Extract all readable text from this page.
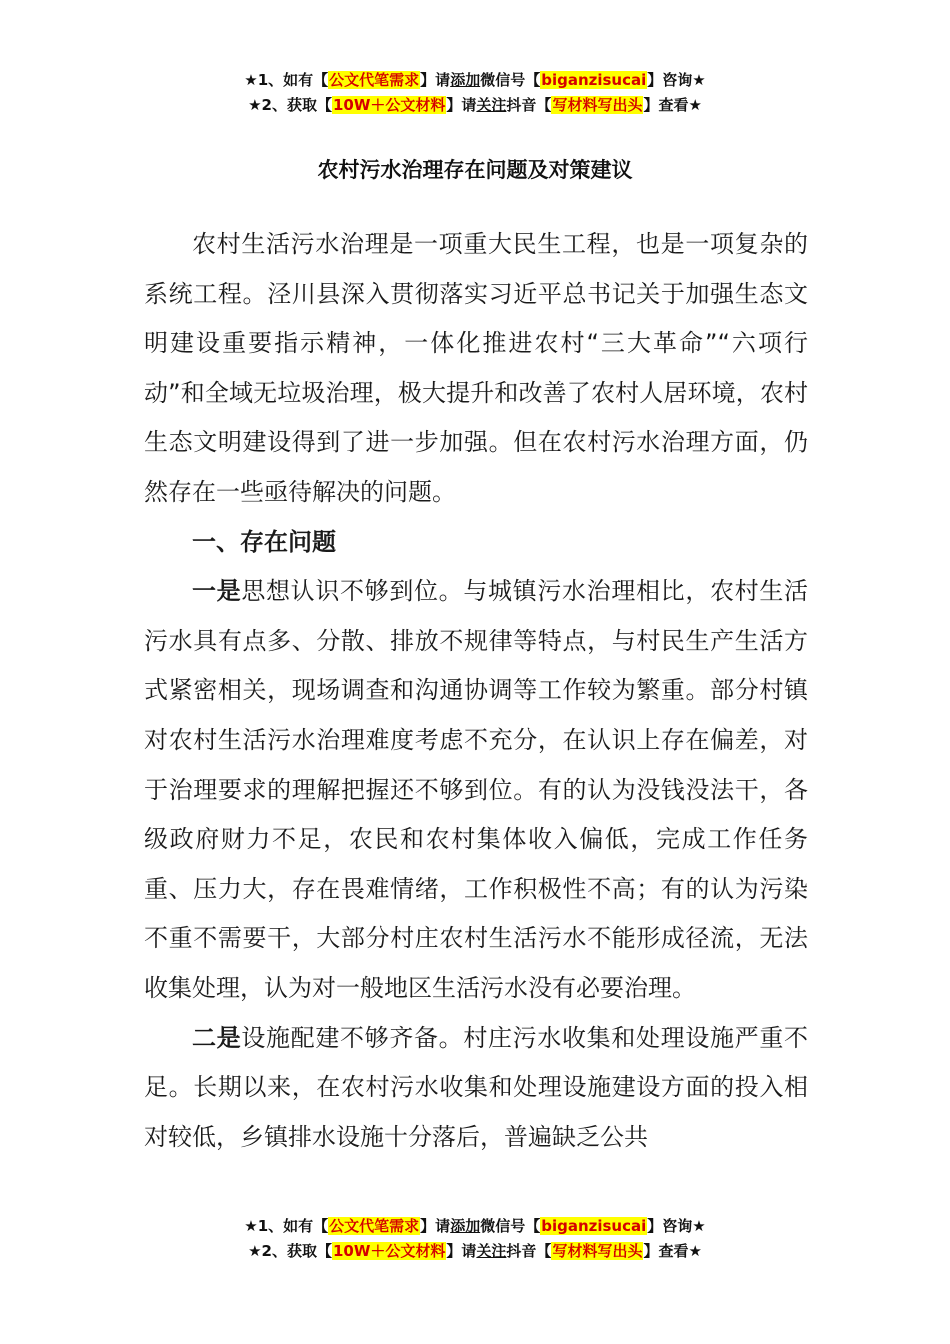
★1、如有【公文代笔需求】请添加微信号【biganzisucai】咨询★
★2、获取【10W＋公文材料】请关注抖音【写材料写出头】查看★
农村污水治理存在问题及对策建议

农村生活污水治理是一项重大民生工程，也是一项复杂的系统工程。泾川县深入贯彻落实习近平总书记关于加强生态文明建设重要指示精神，一体化推进农村“三大革命”“六项行动”和全域无垃圾治理，极大提升和改善了农村人居环境，农村生态文明建设得到了进一步加强。但在农村污水治理方面，仍然存在一些亟待解决的问题。

一、存在问题

一是思想认识不够到位。与城镇污水治理相比，农村生活污水具有点多、分散、排放不规律等特点，与村民生产生活方式紧密相关，现场调查和沟通协调等工作较为繁重。部分村镇对农村生活污水治理难度考虑不充分，在认识上存在偏差，对于治理要求的理解把握还不够到位。有的认为没钱没法干，各级政府财力不足，农民和农村集体收入偏低，完成工作任务重、压力大，存在畏难情绪，工作积极性不高；有的认为污染不重不需要干，大部分村庄农村生活污水不能形成径流，无法收集处理，认为对一般地区生活污水没有必要治理。

二是设施配建不够齐备。村庄污水收集和处理设施严重不足。长期以来，在农村污水收集和处理设施建设方面的投入相对较低，乡镇排水设施十分落后，普遍缺乏公共

★1、如有【公文代笔需求】请添加微信号【biganzisucai】咨询★
★2、获取【10W＋公文材料】请关注抖音【写材料写出头】查看★
